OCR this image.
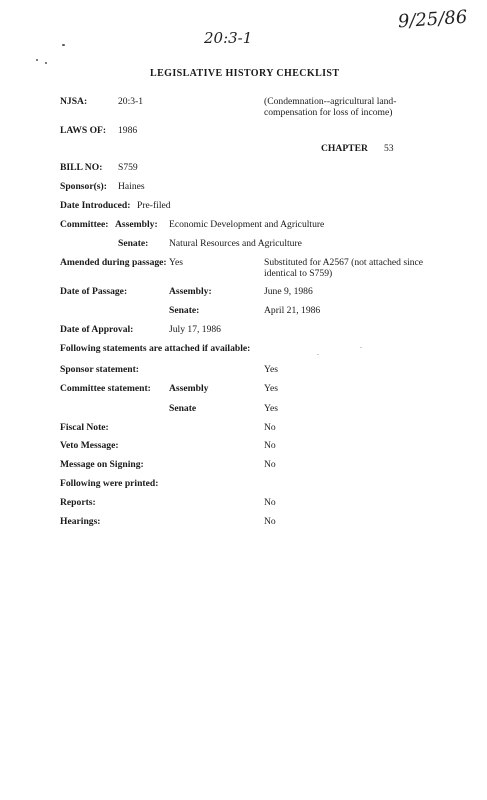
20:3-1
9/25/86
LEGISLATIVE HISTORY CHECKLIST
NJSA:	20:3-1	(Condemnation--agricultural land-compensation for loss of income)
LAWS OF: 1986
CHAPTER 53
BILL NO: S759
Sponsor(s): Haines
Date Introduced: Pre-filed
Committee: Assembly: Economic Development and Agriculture
Senate: Natural Resources and Agriculture
Amended during passage: Yes	Substituted for A2567 (not attached since identical to S759)
Date of Passage:	Assembly:	June 9, 1986
Senate:	April 21, 1986
Date of Approval:	July 17, 1986
Following statements are attached if available:
Sponsor statement:	Yes
Committee statement: Assembly	Yes
Senate	Yes
Fiscal Note:	No
Veto Message:	No
Message on Signing:	No
Following were printed:
Reports:	No
Hearings:	No
